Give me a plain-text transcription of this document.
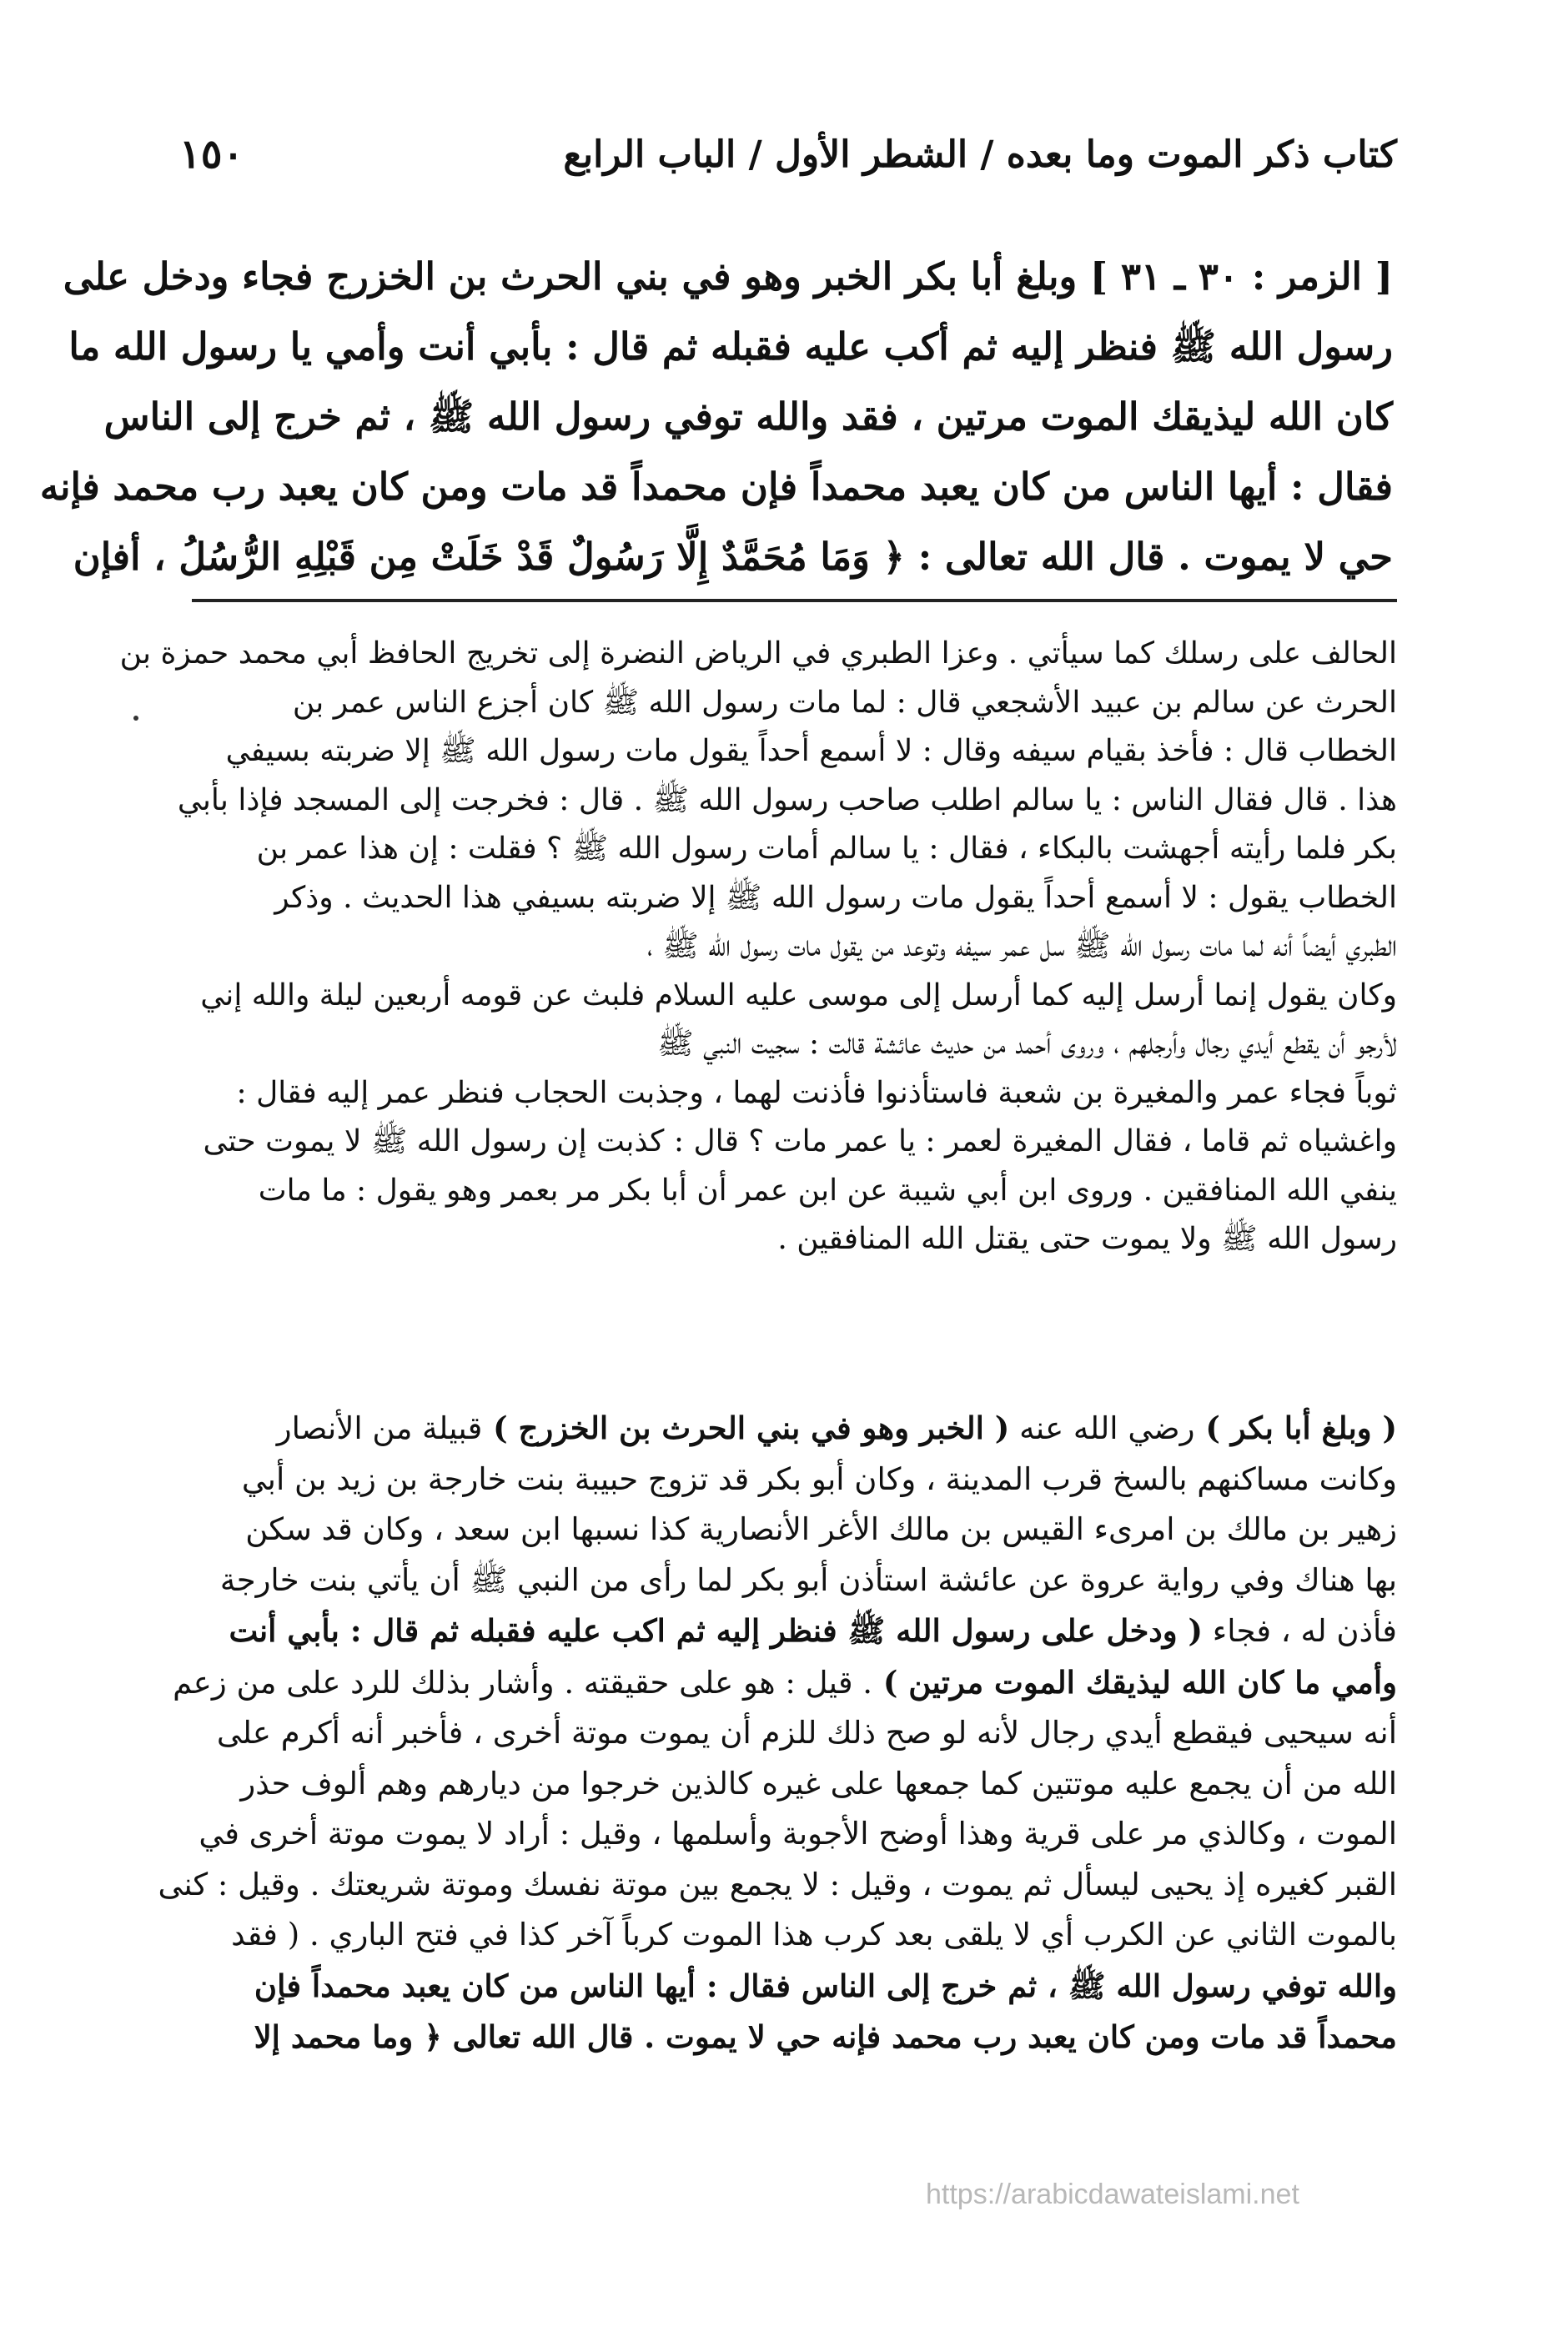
كتاب ذكر الموت وما بعده / الشطر الأول / الباب الرابع
١٥٠
[ الزمر : ٣٠ ـ ٣١ ] وبلغ أبا بكر الخبر وهو في بني الحرث بن الخزرج فجاء ودخل على
رسول الله ﷺ فنظر إليه ثم أكب عليه فقبله ثم قال : بأبي أنت وأمي يا رسول الله ما
كان الله ليذيقك الموت مرتين ، فقد والله توفي رسول الله ﷺ ، ثم خرج إلى الناس
فقال : أيها الناس من كان يعبد محمداً فإن محمداً قد مات ومن كان يعبد رب محمد فإنه
حي لا يموت . قال الله تعالى : ﴿ وَمَا مُحَمَّدٌ إِلَّا رَسُولٌ قَدْ خَلَتْ مِن قَبْلِهِ الرُّسُلُ ، أفإن
الحالف على رسلك كما سيأتي . وعزا الطبري في الرياض النضرة إلى تخريج الحافظ أبي محمد حمزة بن
الحرث عن سالم بن عبيد الأشجعي قال : لما مات رسول الله ﷺ كان أجزع الناس عمر بن
الخطاب قال : فأخذ بقيام سيفه وقال : لا أسمع أحداً يقول مات رسول الله ﷺ إلا ضربته بسيفي
هذا . قال فقال الناس : يا سالم اطلب صاحب رسول الله ﷺ . قال : فخرجت إلى المسجد فإذا بأبي
بكر فلما رأيته أجهشت بالبكاء ، فقال : يا سالم أمات رسول الله ﷺ ؟ فقلت : إن هذا عمر بن
الخطاب يقول : لا أسمع أحداً يقول مات رسول الله ﷺ إلا ضربته بسيفي هذا الحديث . وذكر
الطبري أيضاً أنه لما مات رسول الله ﷺ سل عمر سيفه وتوعد من يقول مات رسول الله ﷺ ،
وكان يقول إنما أرسل إليه كما أرسل إلى موسى عليه السلام فلبث عن قومه أربعين ليلة والله إني
لأرجو أن يقطع أيدي رجال وأرجلهم ، وروى أحمد من حديث عائشة قالت : سجيت النبي ﷺ
ثوباً فجاء عمر والمغيرة بن شعبة فاستأذنوا فأذنت لهما ، وجذبت الحجاب فنظر عمر إليه فقال :
واغشياه ثم قاما ، فقال المغيرة لعمر : يا عمر مات ؟ قال : كذبت إن رسول الله ﷺ لا يموت حتى
ينفي الله المنافقين . وروى ابن أبي شيبة عن ابن عمر أن أبا بكر مر بعمر وهو يقول : ما مات
رسول الله ﷺ ولا يموت حتى يقتل الله المنافقين .
( وبلغ أبا بكر ) رضي الله عنه ( الخبر وهو في بني الحرث بن الخزرج ) قبيلة من الأنصار
وكانت مساكنهم بالسخ قرب المدينة ، وكان أبو بكر قد تزوج حبيبة بنت خارجة بن زيد بن أبي
زهير بن مالك بن امرىء القيس بن مالك الأغر الأنصارية كذا نسبها ابن سعد ، وكان قد سكن
بها هناك وفي رواية عروة عن عائشة استأذن أبو بكر لما رأى من النبي ﷺ أن يأتي بنت خارجة
فأذن له ، فجاء ( ودخل على رسول الله ﷺ فنظر إليه ثم اكب عليه فقبله ثم قال : بأبي أنت
وأمي ما كان الله ليذيقك الموت مرتين ) . قيل : هو على حقيقته . وأشار بذلك للرد على من زعم
أنه سيحيى فيقطع أيدي رجال لأنه لو صح ذلك للزم أن يموت موتة أخرى ، فأخبر أنه أكرم على
الله من أن يجمع عليه موتتين كما جمعها على غيره كالذين خرجوا من ديارهم وهم ألوف حذر
الموت ، وكالذي مر على قرية وهذا أوضح الأجوبة وأسلمها ، وقيل : أراد لا يموت موتة أخرى في
القبر كغيره إذ يحيى ليسأل ثم يموت ، وقيل : لا يجمع بين موتة نفسك وموتة شريعتك . وقيل : كنى
بالموت الثاني عن الكرب أي لا يلقى بعد كرب هذا الموت كرباً آخر كذا في فتح الباري . ( فقد
والله توفي رسول الله ﷺ ، ثم خرج إلى الناس فقال : أيها الناس من كان يعبد محمداً فإن
محمداً قد مات ومن كان يعبد رب محمد فإنه حي لا يموت . قال الله تعالى ﴿ وما محمد إلا
https://arabicdawateislami.net
